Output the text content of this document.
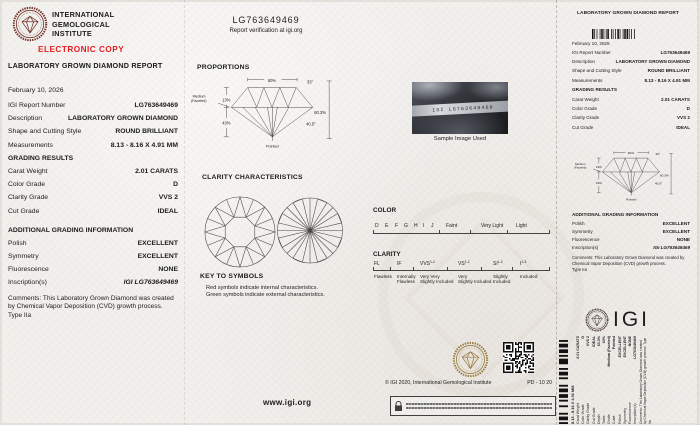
INTERNATIONAL
GEMOLOGICAL
INSTITUTE
ELECTRONIC COPY
LABORATORY GROWN DIAMOND REPORT
February 10, 2026
IGI Report Number	LG763649469
Description	LABORATORY GROWN DIAMOND
Shape and Cutting Style	ROUND BRILLIANT
Measurements	8.13 - 8.16 X 4.91 MM
GRADING RESULTS
Carat Weight	2.01 CARATS
Color Grade	D
Clarity Grade	VVS 2
Cut Grade	IDEAL
ADDITIONAL GRADING INFORMATION
Polish	EXCELLENT
Symmetry	EXCELLENT
Fluorescence	NONE
Inscription(s)	IGI LG763649469
Comments: This Laboratory Grown Diamond was created by Chemical Vapor Deposition (CVD) growth process.
Type IIa
LG763649469
Report verification at igi.org
PROPORTIONS
60%	33°
13%
Medium
(Faceted)
43%	40.5°
60.3%
Pointed
IGI LG763649469
Sample Image Used
CLARITY CHARACTERISTICS
KEY TO SYMBOLS
Red symbols indicate internal characteristics.
Green symbols indicate external characteristics.
COLOR
D E F G H I J	Faint	Very Light	Light
CLARITY
FL	IF	VVS$^{1-2}$	VS$^{1-2}$	SI$^{1-2}$	$I^{1-3}$
Flawless Internally
Flawless
Very Very
Slightly Included
Very
Slightly Included
Slightly
Included
Included
© IGI 2020, International Gemological Institute	PD - 10 20
www.igi.org
LABORATORY GROWN DIAMOND REPORT
February 10, 2026
IGI Report Number	LG763649469
Description	LABORATORY GROWN DIAMOND
Shape and Cutting Style	ROUND BRILLIANT
Measurements	8.13 - 8.16 X 4.91 MM
GRADING RESULTS
Carat Weight	2.01 CARATS
Color Grade	D
Clarity Grade	VVS 2
Cut Grade	IDEAL
60%	33°
13%
Medium
(Faceted)
43%	40.5°
60.3%
Pointed
ADDITIONAL GRADING INFORMATION
Polish	EXCELLENT
Symmetry	EXCELLENT
Fluorescence	NONE
Inscription(s)	IGI LG763649469
Comments: This Laboratory Grown Diamond was created by Chemical Vapor Deposition (CVD) growth process.
Type IIa
IGI
8.13 - 8.16 X 4.91 MM Carat Weight
2.01 CARATS
Color Grade
D
Clarity Grade
VVS 2
Cut Grade
IDEAL
Depth
60.3%
Table
60%
Girdle
Medium (Faceted)
Culet
Pointed
Polish
EXCELLENT
Symmetry
EXCELLENT
Fluorescence
NONE
Inscription(s)
LG763649469 Comments: This Laboratory Grown Diamond was created by Chemical Vapor Deposition (CVD) growth process. Type IIa
